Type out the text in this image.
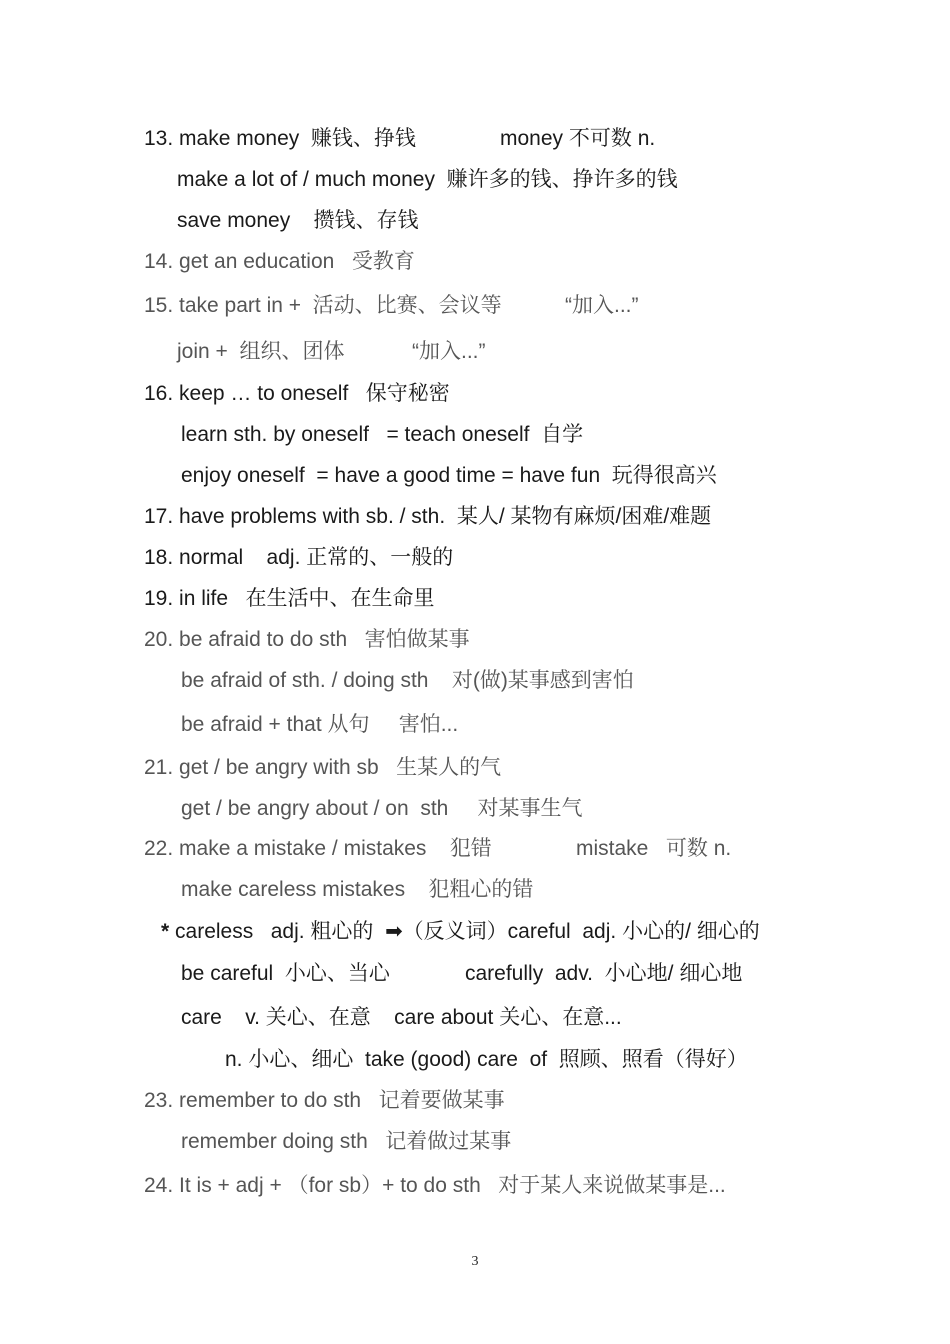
13. make money  赚钱、挣钱	money 不可数 n.
make a lot of / much money  赚许多的钱、挣许多的钱
save money    攒钱、存钱
14. get an education   受教育
15. take part in +  活动、比赛、会议等	“加入...”
join +  组织、团体	“加入...”
16. keep … to oneself   保守秘密
learn sth. by oneself   = teach oneself  自学
enjoy oneself  = have a good time = have fun  玩得很高兴
17. have problems with sb. / sth.  某人/ 某物有麻烦/困难/难题
18. normal    adj. 正常的、一般的
19. in life   在生活中、在生命里
20. be afraid to do sth   害怕做某事
be afraid of sth. / doing sth    对(做)某事感到害怕
be afraid + that 从句     害怕...
21. get / be angry with sb   生某人的气
get / be angry about / on  sth     对某事生气
22. make a mistake / mistakes    犯错	mistake   可数 n.
make careless mistakes    犯粗心的错
* careless   adj. 粗心的  ➡（反义词）careful  adj. 小心的/ 细心的
be careful  小心、当心	carefully  adv.  小心地/ 细心地
care    v. 关心、在意    care about 关心、在意...
n. 小心、细心  take (good) care  of  照顾、照看（得好）
23. remember to do sth   记着要做某事
remember doing sth   记着做过某事
24. It is + adj + （for sb）+ to do sth   对于某人来说做某事是...
3
